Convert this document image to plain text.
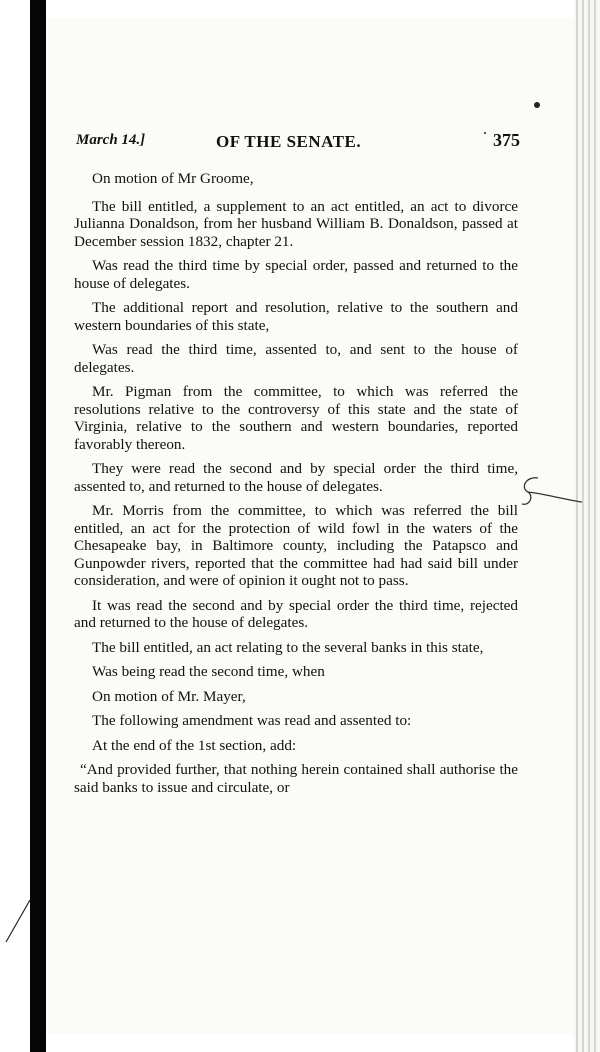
March 14.]	OF THE SENATE.	375

On motion of Mr Groome,

The bill entitled, a supplement to an act entitled, an act to divorce Julianna Donaldson, from her husband William B. Donaldson, passed at December session 1832, chapter 21.

Was read the third time by special order, passed and returned to the house of delegates.

The additional report and resolution, relative to the southern and western boundaries of this state,

Was read the third time, assented to, and sent to the house of delegates.

Mr. Pigman from the committee, to which was referred the resolutions relative to the controversy of this state and the state of Virginia, relative to the southern and western boundaries, reported favorably thereon.

They were read the second and by special order the third time, assented to, and returned to the house of delegates.

Mr. Morris from the committee, to which was referred the bill entitled, an act for the protection of wild fowl in the waters of the Chesapeake bay, in Baltimore county, including the Patapsco and Gunpowder rivers, reported that the committee had had said bill under consideration, and were of opinion it ought not to pass.

It was read the second and by special order the third time, rejected and returned to the house of delegates.

The bill entitled, an act relating to the several banks in this state,

Was being read the second time, when

On motion of Mr. Mayer,

The following amendment was read and assented to:

At the end of the 1st section, add:

“And provided further, that nothing herein contained shall authorise the said banks to issue and circulate, or
